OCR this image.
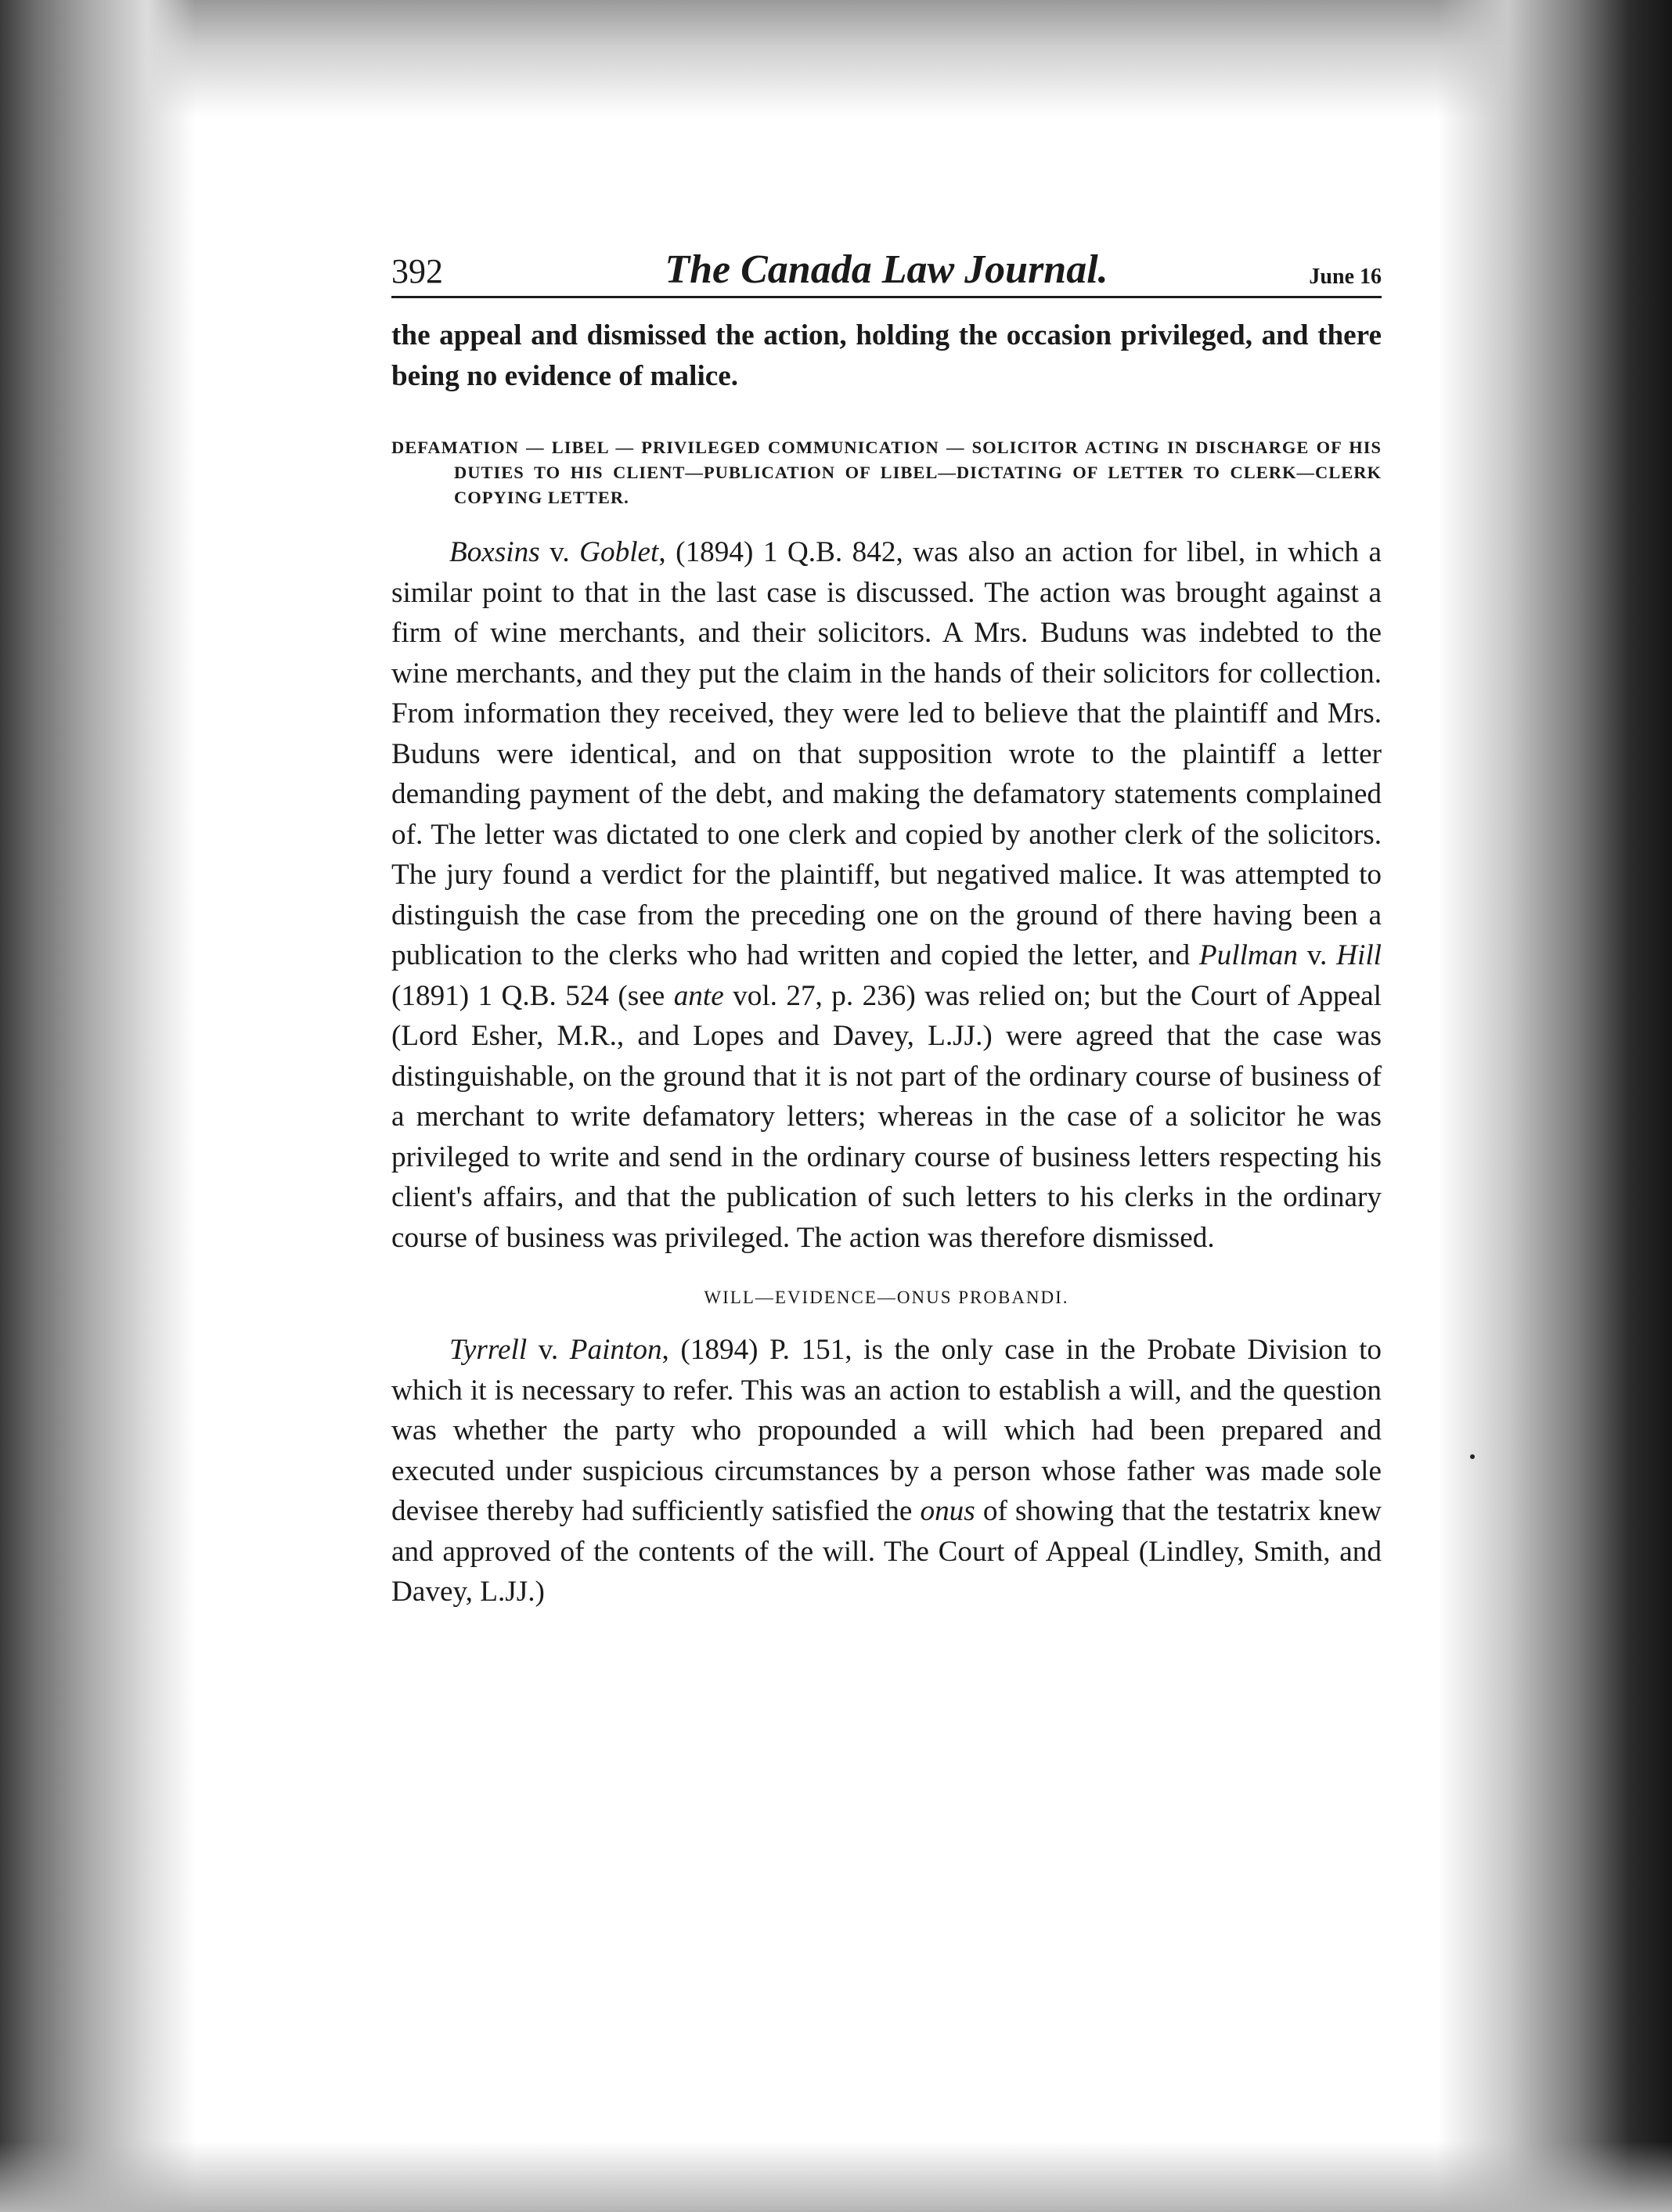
392	The Canada Law Journal.	June 16

the appeal and dismissed the action, holding the occasion privileged, and there being no evidence of malice.

DEFAMATION — LIBEL — PRIVILEGED COMMUNICATION — SOLICITOR ACTING IN DISCHARGE OF HIS DUTIES TO HIS CLIENT—PUBLICATION OF LIBEL—DICTATING OF LETTER TO CLERK—CLERK COPYING LETTER.

Boxsins v. Goblet, (1894) 1 Q.B. 842, was also an action for libel, in which a similar point to that in the last case is discussed. The action was brought against a firm of wine merchants, and their solicitors. A Mrs. Buduns was indebted to the wine merchants, and they put the claim in the hands of their solicitors for collection. From information they received, they were led to believe that the plaintiff and Mrs. Buduns were identical, and on that supposition wrote to the plaintiff a letter demanding payment of the debt, and making the defamatory statements complained of. The letter was dictated to one clerk and copied by another clerk of the solicitors. The jury found a verdict for the plaintiff, but negatived malice. It was attempted to distinguish the case from the preceding one on the ground of there having been a publication to the clerks who had written and copied the letter, and Pullman v. Hill (1891) 1 Q.B. 524 (see ante vol. 27, p. 236) was relied on; but the Court of Appeal (Lord Esher, M.R., and Lopes and Davey, L.JJ.) were agreed that the case was distinguishable, on the ground that it is not part of the ordinary course of business of a merchant to write defamatory letters; whereas in the case of a solicitor he was privileged to write and send in the ordinary course of business letters respecting his client's affairs, and that the publication of such letters to his clerks in the ordinary course of business was privileged. The action was therefore dismissed.

WILL—EVIDENCE—ONUS PROBANDI.

Tyrrell v. Painton, (1894) P. 151, is the only case in the Probate Division to which it is necessary to refer. This was an action to establish a will, and the question was whether the party who propounded a will which had been prepared and executed under suspicious circumstances by a person whose father was made sole devisee thereby had sufficiently satisfied the onus of showing that the testatrix knew and approved of the contents of the will. The Court of Appeal (Lindley, Smith, and Davey, L.JJ.)
